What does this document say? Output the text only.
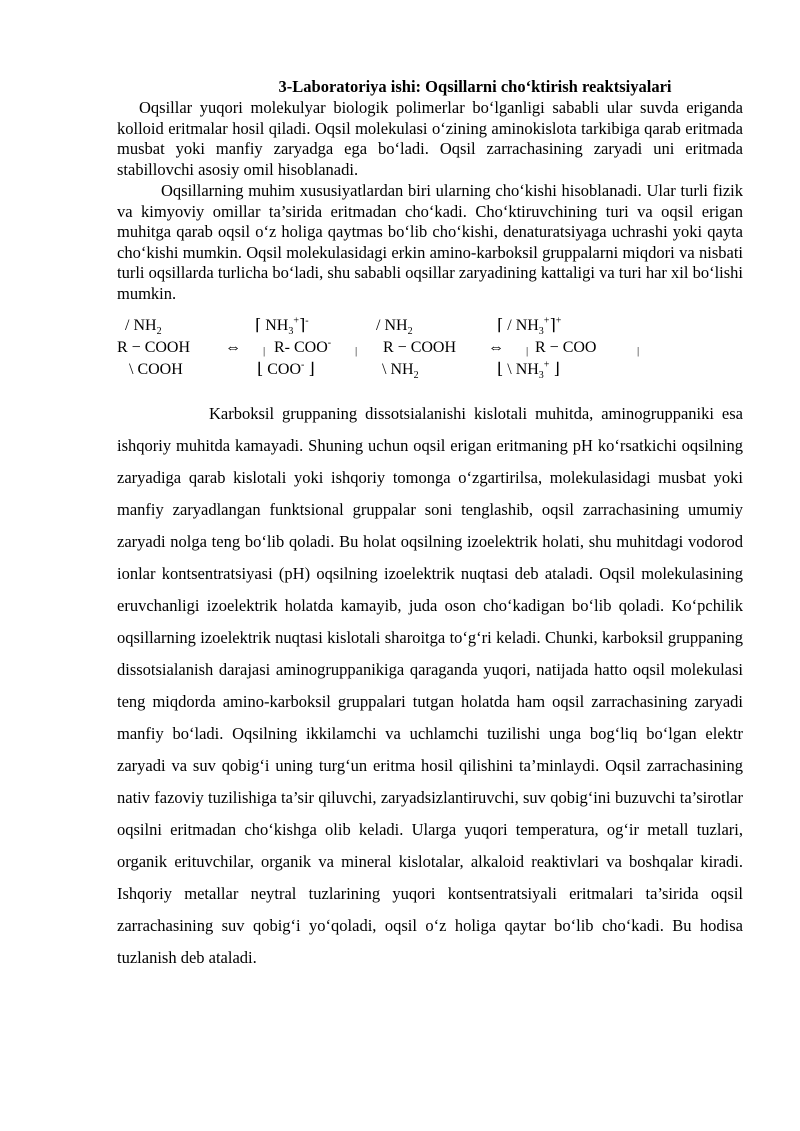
3-Laboratoriya ishi: Oqsillarni cho‘ktirish reaktsiyalari
Oqsillar yuqori molekulyar biologik polimerlar bo‘lganligi sababli ular suvda eriganda kolloid eritmalar hosil qiladi. Oqsil molekulasi o‘zining aminokislota tarkibiga qarab eritmada musbat yoki manfiy zaryadga ega bo‘ladi. Oqsil zarrachasining zaryadi uni eritmada stabillovchi asosiy omil hisoblanadi.
Oqsillarning muhim xususiyatlardan biri ularning cho‘kishi hisoblanadi. Ular turli fizik va kimyoviy omillar ta’sirida eritmadan cho‘kadi. Cho‘ktiruvchining turi va oqsil erigan muhitga qarab oqsil o‘z holiga qaytmas bo‘lib cho‘kishi, denaturatsiyaga uchrashi yoki qayta cho‘kishi mumkin. Oqsil molekulasidagi erkin amino-karboksil gruppalarni miqdori va nisbati turli oqsillarda turlicha bo‘ladi, shu sababli oqsillar zaryadining kattaligi va turi har xil bo‘lishi mumkin.
/ $NH_2$	⌈ $NH_3^+⌉^-$	/ $NH_2$	⌈ / $NH_3^+⌉^+$
R − COOH ⇔ | R- COO-
| R − COOH ⇔ | R − COO	|
\ COOH	⌊ COO- ⌋	\ $NH_2$	⌊ \ $NH_3^+$ ⌋
Karboksil gruppaning dissotsialanishi kislotali muhitda, aminogruppaniki esa ishqoriy muhitda kamayadi. Shuning uchun oqsil erigan eritmaning pH ko‘rsatkichi oqsilning zaryadiga qarab kislotali yoki ishqoriy tomonga o‘zgartirilsa, molekulasidagi musbat yoki manfiy zaryadlangan funktsional gruppalar soni tenglashib, oqsil zarrachasining umumiy zaryadi nolga teng bo‘lib qoladi. Bu holat oqsilning izoelektrik holati, shu muhitdagi vodorod ionlar kontsentratsiyasi (pH) oqsilning izoelektrik nuqtasi deb ataladi. Oqsil molekulasining eruvchanligi izoelektrik holatda kamayib, juda oson cho‘kadigan bo‘lib qoladi. Ko‘pchilik oqsillarning izoelektrik nuqtasi kislotali sharoitga to‘g‘ri keladi. Chunki, karboksil gruppaning dissotsialanish darajasi aminogruppanikiga qaraganda yuqori, natijada hatto oqsil molekulasi teng miqdorda amino-karboksil gruppalari tutgan holatda ham oqsil zarrachasining zaryadi manfiy bo‘ladi. Oqsilning ikkilamchi va uchlamchi tuzilishi unga bog‘liq bo‘lgan elektr zaryadi va suv qobig‘i uning turg‘un eritma hosil qilishini ta’minlaydi. Oqsil zarrachasining nativ fazoviy tuzilishiga ta’sir qiluvchi, zaryadsizlantiruvchi, suv qobig‘ini buzuvchi ta’sirotlar oqsilni eritmadan cho‘kishga olib keladi. Ularga yuqori temperatura, og‘ir metall tuzlari, organik erituvchilar, organik va mineral kislotalar, alkaloid reaktivlari va boshqalar kiradi. Ishqoriy metallar neytral tuzlarining yuqori kontsentratsiyali eritmalari ta’sirida oqsil zarrachasining suv qobig‘i yo‘qoladi, oqsil o‘z holiga qaytar bo‘lib cho‘kadi. Bu hodisa tuzlanish deb ataladi.
